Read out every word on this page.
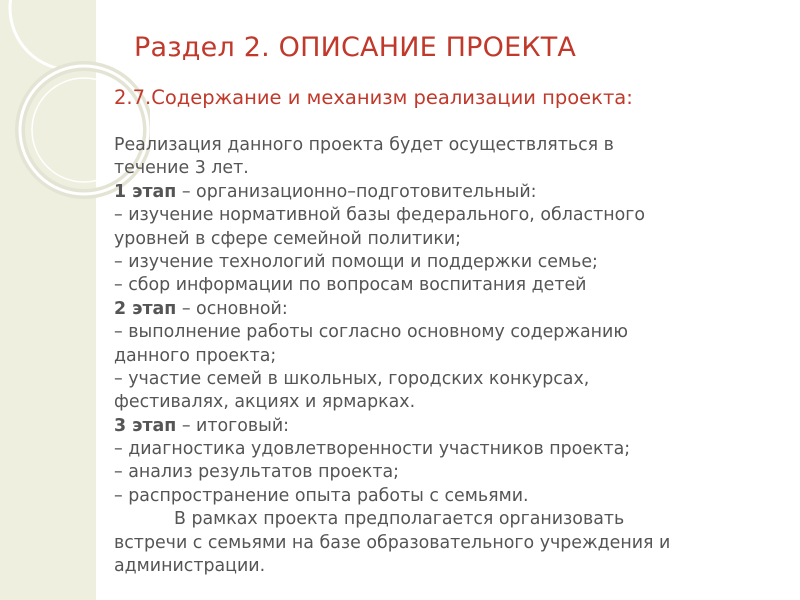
Раздел 2. ОПИСАНИЕ ПРОЕКТА
2.7.Содержание и механизм реализации проекта:
Реализация данного проекта будет осуществляться в
течение 3 лет.
1 этап – организационно–подготовительный:
– изучение нормативной базы федерального, областного
уровней в сфере семейной политики;
– изучение технологий помощи и поддержки семье;
– сбор информации по вопросам воспитания детей
2 этап – основной:
– выполнение работы согласно основному содержанию
данного проекта;
– участие семей в школьных, городских конкурсах,
фестивалях, акциях и ярмарках.
3 этап – итоговый:
– диагностика удовлетворенности участников проекта;
– анализ результатов проекта;
– распространение опыта работы с семьями.
В рамках проекта предполагается организовать
встречи с семьями на базе образовательного учреждения и
администрации.
